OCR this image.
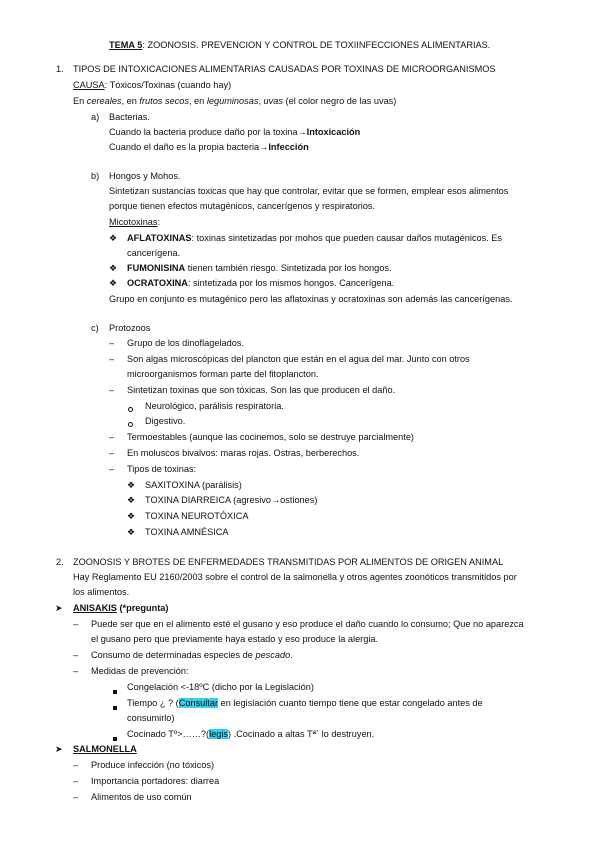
TEMA 5: ZOONOSIS. PREVENCION Y CONTROL DE TOXIINFECCIONES ALIMENTARIAS.
1. TIPOS DE INTOXICACIONES ALIMENTARIAS CAUSADAS POR TOXINAS DE MICROORGANISMOS
CAUSA: Tóxicos/Toxinas (cuando hay)
En cereales, en frutos secos, en leguminosas, uvas (el color negro de las uvas)
a) Bacterias.
Cuando la bacteria produce daño por la toxina→Intoxicación
Cuando el daño es la propia bacteria→Infección
b) Hongos y Mohos.
Sintetizan sustancias toxicas que hay que controlar, evitar que se formen, emplear esos alimentos
porque tienen efectos mutagénicos, cancerígenos y respiratorios.
Micotoxinas:
❖ AFLATOXINAS: toxinas sintetizadas por mohos que pueden causar daños mutagénicos. Es
cancerígena.
❖ FUMONISINA tienen también riesgo. Sintetizada por los hongos.
❖ OCRATOXINA: sintetizada por los mismos hongos. Cancerígena.
Grupo en conjunto es mutagénico pero las aflatoxinas y ocratoxinas son además las cancerígenas.
c) Protozoos
– Grupo de los dinoflagelados.
– Son algas microscópicas del plancton que están en el agua del mar. Junto con otros
microorganismos forman parte del fitoplancton.
– Sintetizan toxinas que son tóxicas. Son las que producen el daño.
Neurológico, parálisis respiratoria.
Digestivo.
– Termoestables (aunque las cocinemos, solo se destruye parcialmente)
– En moluscos bivalvos: maras rojas. Ostras, berberechos.
– Tipos de toxinas:
❖ SAXITOXINA (parálisis)
❖ TOXINA DIARREICA (agresivo→ostiones)
❖ TOXINA NEUROTÓXICA
❖ TOXINA AMNÉSICA
2. ZOONOSIS Y BROTES DE ENFERMEDADES TRANSMITIDAS POR ALIMENTOS DE ORIGEN ANIMAL
Hay Reglamento EU 2160/2003 sobre el control de la salmonella y otros agentes zoonóticos transmitidos por
los alimentos.
➤ ANISAKIS (*pregunta)
– Puede ser que en el alimento esté el gusano y eso produce el daño cuando lo consumo; Que no aparezca
el gusano pero que previamente haya estado y eso produce la alergia.
– Consumo de determinadas especies de pescado.
– Medidas de prevención:
Congelación <-18ºC (dicho por la Legislación)
Tiempo ¿ ? (Consultar en legislación cuanto tiempo tiene que estar congelado antes de
consumirlo)
Cocinado Tº>……?(legis) .Cocinado a altas Tª´ lo destruyen.
➤ SALMONELLA
– Produce infección (no tóxicos)
– Importancia portadores: diarrea
– Alimentos de uso común
